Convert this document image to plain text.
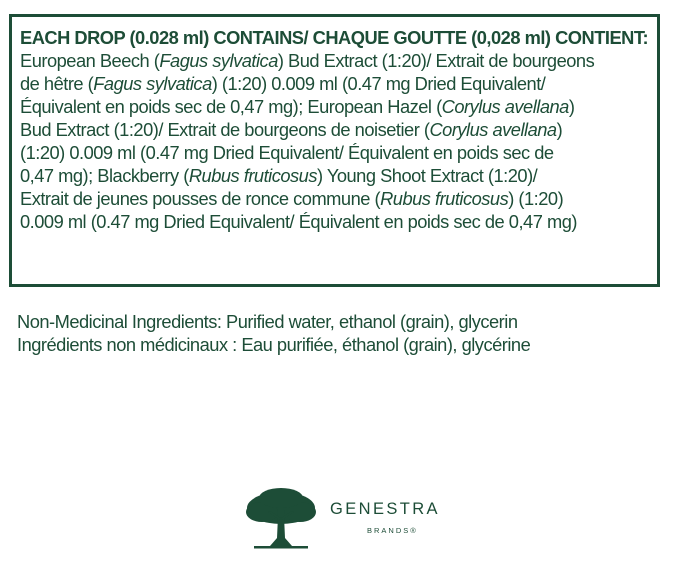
EACH DROP (0.028 ml) CONTAINS/ CHAQUE GOUTTE (0,028 ml) CONTIENT:
European Beech (Fagus sylvatica) Bud Extract (1:20)/ Extrait de bourgeons
de hêtre (Fagus sylvatica) (1:20) 0.009 ml (0.47 mg Dried Equivalent/
Équivalent en poids sec de 0,47 mg); European Hazel (Corylus avellana)
Bud Extract (1:20)/ Extrait de bourgeons de noisetier (Corylus avellana)
(1:20) 0.009 ml (0.47 mg Dried Equivalent/ Équivalent en poids sec de
0,47 mg); Blackberry (Rubus fruticosus) Young Shoot Extract (1:20)/
Extrait de jeunes pousses de ronce commune (Rubus fruticosus) (1:20)
0.009 ml (0.47 mg Dried Equivalent/ Équivalent en poids sec de 0,47 mg)
Non-Medicinal Ingredients: Purified water, ethanol (grain), glycerin
Ingrédients non médicinaux : Eau purifiée, éthanol (grain), glycérine
GENESTRA
BRANDS®
